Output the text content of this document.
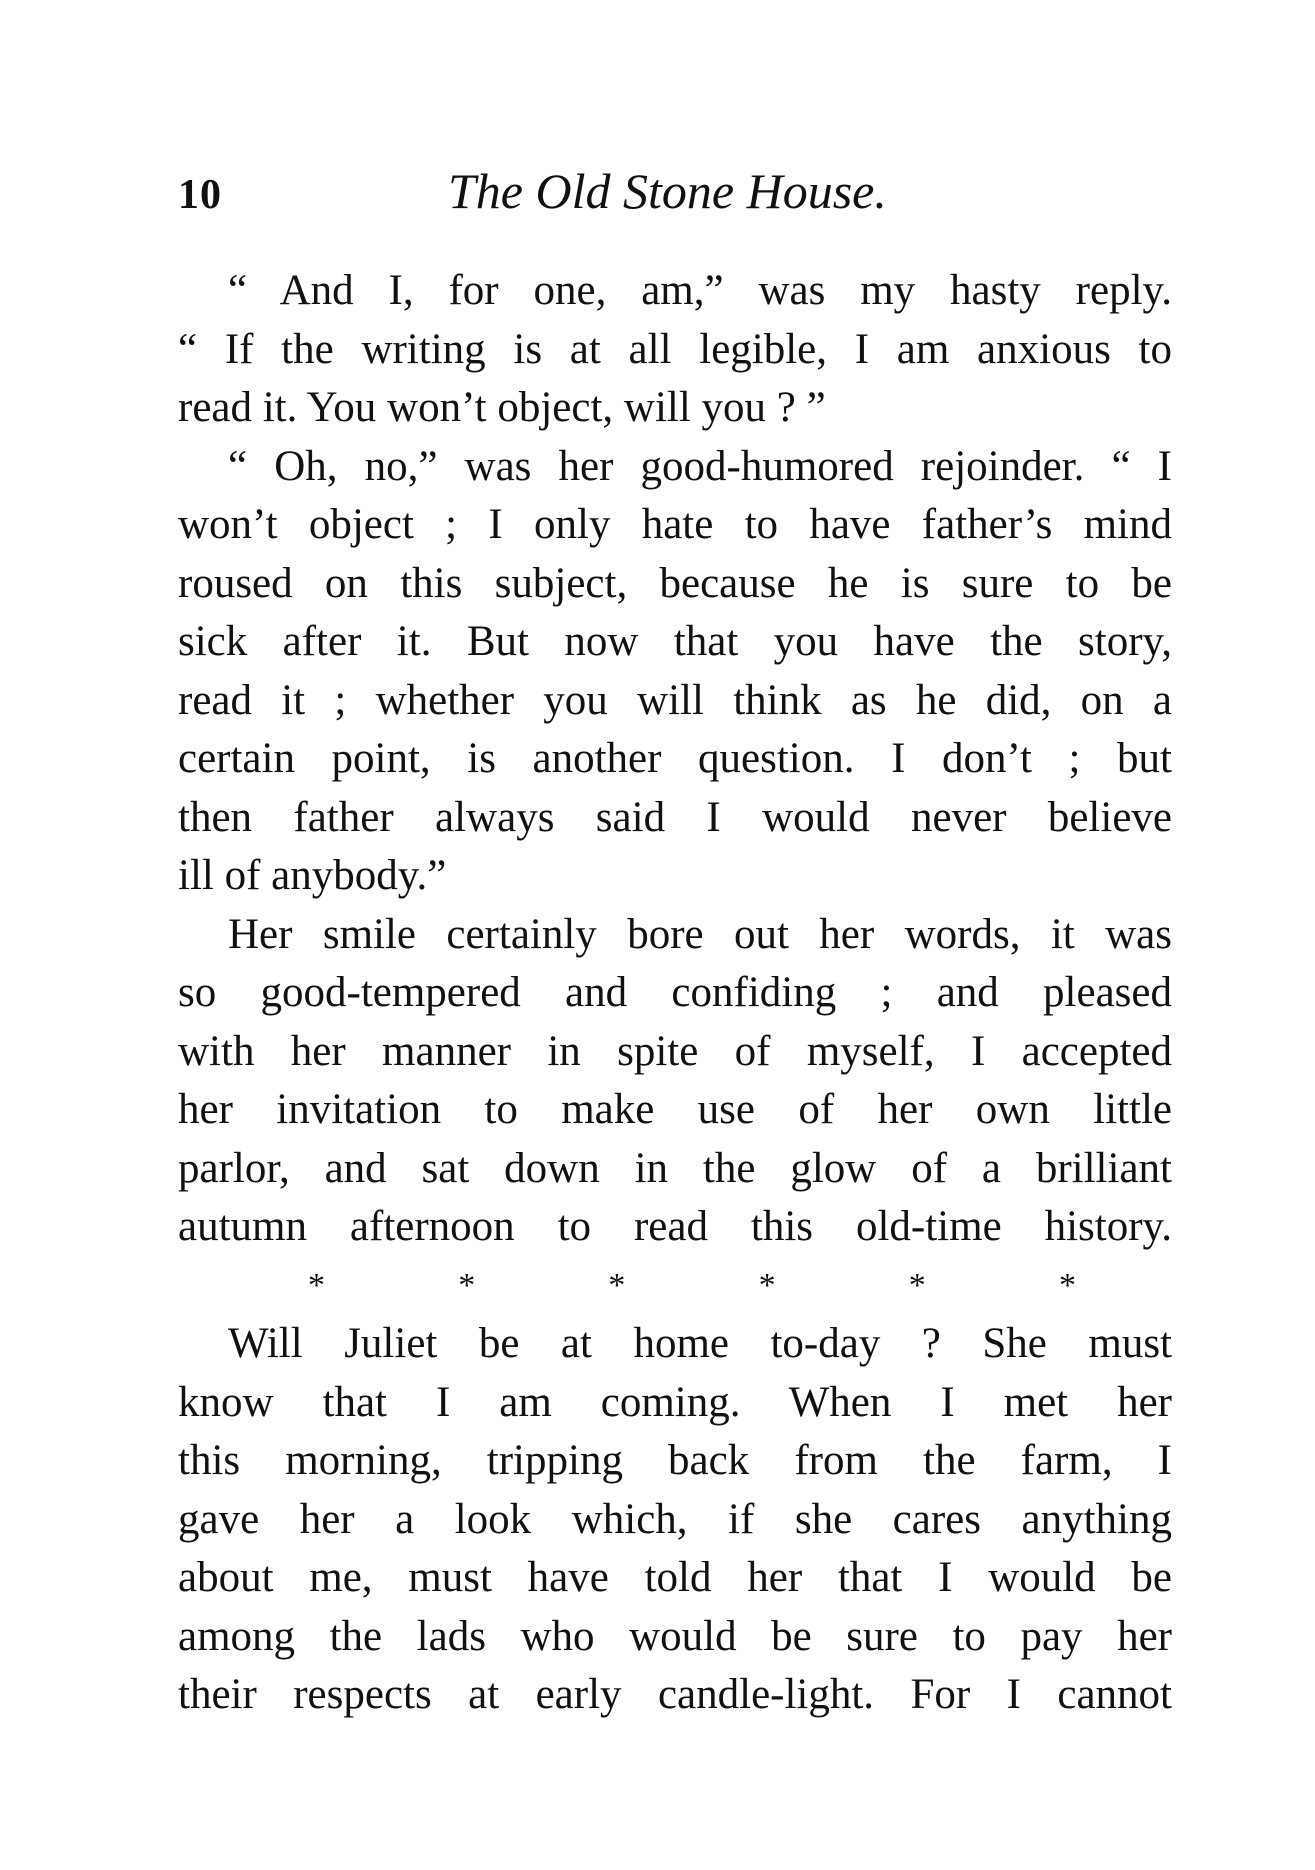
10	The Old Stone House.
“ And I, for one, am,” was my hasty reply.
“ If the writing is at all legible, I am anxious to
read it. You won’t object, will you ? ”
“ Oh, no,” was her good-humored rejoinder. “ I
won’t object ; I only hate to have father’s mind
roused on this subject, because he is sure to be
sick after it. But now that you have the story,
read it ; whether you will think as he did, on a
certain point, is another question. I don’t ; but
then father always said I would never believe
ill of anybody.”
Her smile certainly bore out her words, it was
so good-tempered and confiding ; and pleased
with her manner in spite of myself, I accepted
her invitation to make use of her own little
parlor, and sat down in the glow of a brilliant
autumn afternoon to read this old-time history.
*	*	*	*	*	*
Will Juliet be at home to-day ? She must
know that I am coming. When I met her
this morning, tripping back from the farm, I
gave her a look which, if she cares anything
about me, must have told her that I would be
among the lads who would be sure to pay her
their respects at early candle-light. For I cannot
